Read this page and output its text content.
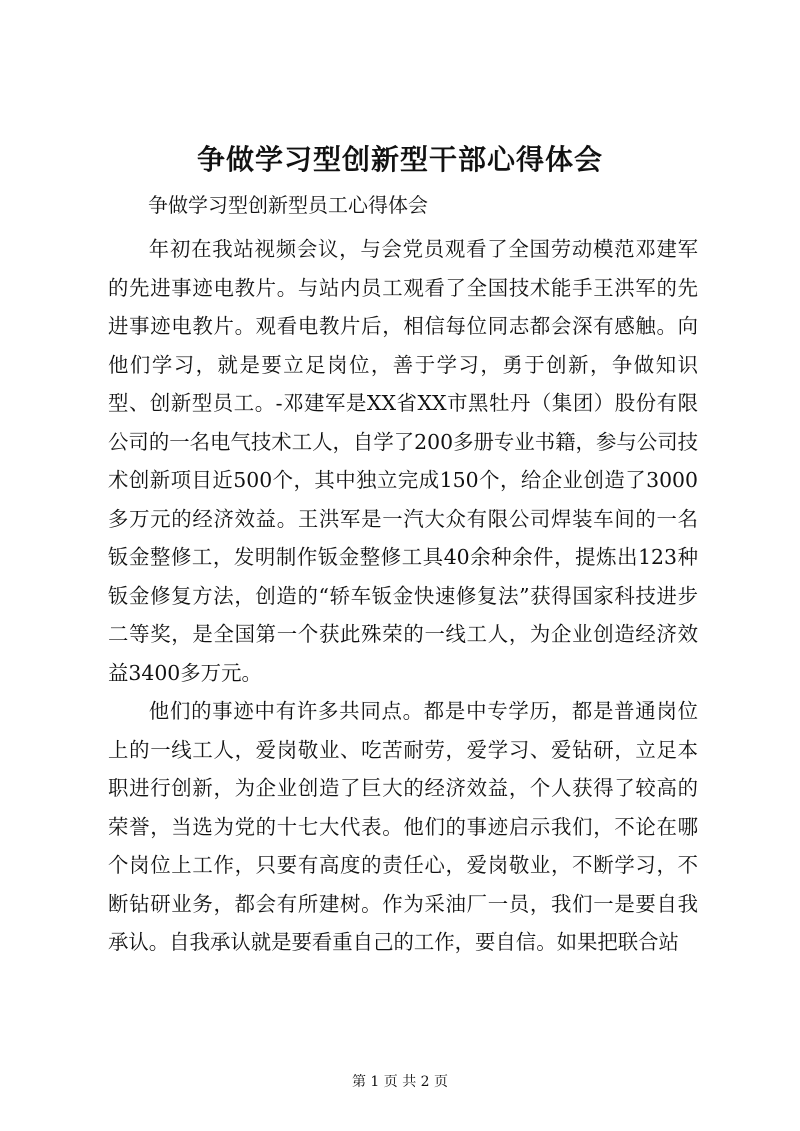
争做学习型创新型干部心得体会

争做学习型创新型员工心得体会

年初在我站视频会议，与会党员观看了全国劳动模范邓建军的先进事迹电教片。与站内员工观看了全国技术能手王洪军的先进事迹电教片。观看电教片后，相信每位同志都会深有感触。向他们学习，就是要立足岗位，善于学习，勇于创新，争做知识型、创新型员工。-邓建军是XX省XX市黑牡丹（集团）股份有限公司的一名电气技术工人，自学了200多册专业书籍，参与公司技术创新项目近500个，其中独立完成150个，给企业创造了3000多万元的经济效益。王洪军是一汽大众有限公司焊装车间的一名钣金整修工，发明制作钣金整修工具40余种余件，提炼出123种钣金修复方法，创造的“轿车钣金快速修复法”获得国家科技进步二等奖，是全国第一个获此殊荣的一线工人，为企业创造经济效益3400多万元。

他们的事迹中有许多共同点。都是中专学历，都是普通岗位上的一线工人，爱岗敬业、吃苦耐劳，爱学习、爱钻研，立足本职进行创新，为企业创造了巨大的经济效益，个人获得了较高的荣誉，当选为党的十七大代表。他们的事迹启示我们，不论在哪个岗位上工作，只要有高度的责任心，爱岗敬业，不断学习，不断钻研业务，都会有所建树。作为采油厂一员，我们一是要自我承认。自我承认就是要看重自己的工作，要自信。如果把联合站

第 1 页 共 2 页
